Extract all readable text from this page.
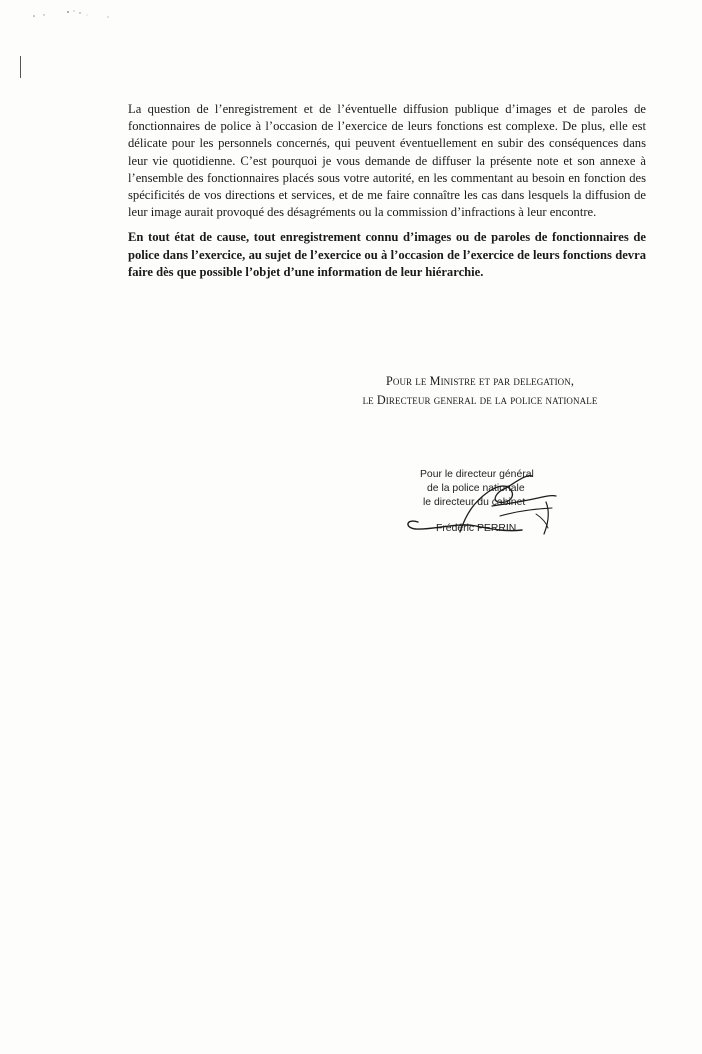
La question de l’enregistrement et de l’éventuelle diffusion publique d’images et de paroles de fonctionnaires de police à l’occasion de l’exercice de leurs fonctions est complexe. De plus, elle est délicate pour les personnels concernés, qui peuvent éventuellement en subir des conséquences dans leur vie quotidienne. C’est pourquoi je vous demande de diffuser la présente note et son annexe à l’ensemble des fonctionnaires placés sous votre autorité, en les commentant au besoin en fonction des spécificités de vos directions et services, et de me faire connaître les cas dans lesquels la diffusion de leur image aurait provoqué des désagréments ou la commission d’infractions à leur encontre.

En tout état de cause, tout enregistrement connu d’images ou de paroles de fonctionnaires de police dans l’exercice, au sujet de l’exercice ou à l’occasion de l’exercice de leurs fonctions devra faire dès que possible l’objet d’une information de leur hiérarchie.

Pour le Ministre et par delegation,
le Directeur general de la police nationale
Pour le directeur général
de la police nationale
le directeur du cabinet
Frédéric PERRIN
